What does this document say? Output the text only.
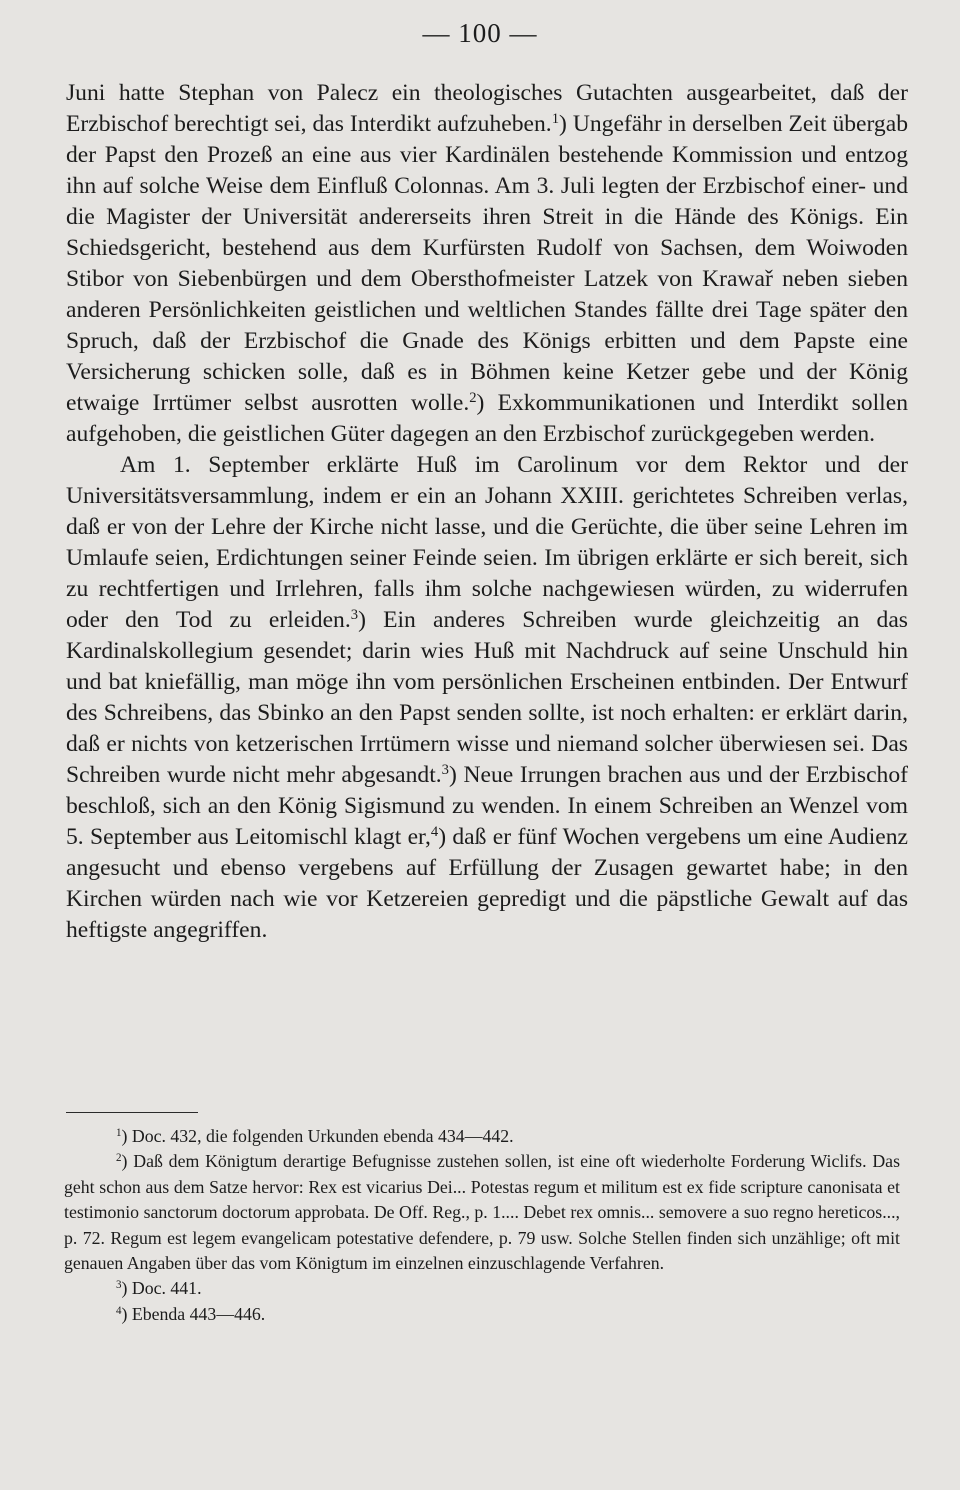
— 100 —

Juni hatte Stephan von Palecz ein theologisches Gutachten ausgearbeitet, daß der Erzbischof berechtigt sei, das Interdikt aufzuheben.$^1$) Ungefähr in derselben Zeit übergab der Papst den Prozeß an eine aus vier Kardinälen bestehende Kommission und entzog ihn auf solche Weise dem Einfluß Colonnas. Am 3. Juli legten der Erzbischof einer- und die Magister der Universität andererseits ihren Streit in die Hände des Königs. Ein Schiedsgericht, bestehend aus dem Kurfürsten Rudolf von Sachsen, dem Woiwoden Stibor von Siebenbürgen und dem Obersthofmeister Latzek von Krawař neben sieben anderen Persönlichkeiten geistlichen und weltlichen Standes fällte drei Tage später den Spruch, daß der Erzbischof die Gnade des Königs erbitten und dem Papste eine Versicherung schicken solle, daß es in Böhmen keine Ketzer gebe und der König etwaige Irrtümer selbst ausrotten wolle.$^2$) Exkommunikationen und Interdikt sollen aufgehoben, die geistlichen Güter dagegen an den Erzbischof zurückgegeben werden.

Am 1. September erklärte Huß im Carolinum vor dem Rektor und der Universitätsversammlung, indem er ein an Johann XXIII. gerichtetes Schreiben verlas, daß er von der Lehre der Kirche nicht lasse, und die Gerüchte, die über seine Lehren im Umlaufe seien, Erdichtungen seiner Feinde seien. Im übrigen erklärte er sich bereit, sich zu rechtfertigen und Irrlehren, falls ihm solche nachgewiesen würden, zu widerrufen oder den Tod zu erleiden.$^3$) Ein anderes Schreiben wurde gleichzeitig an das Kardinalskollegium gesendet; darin wies Huß mit Nachdruck auf seine Unschuld hin und bat kniefällig, man möge ihn vom persönlichen Erscheinen entbinden. Der Entwurf des Schreibens, das Sbinko an den Papst senden sollte, ist noch erhalten: er erklärt darin, daß er nichts von ketzerischen Irrtümern wisse und niemand solcher überwiesen sei. Das Schreiben wurde nicht mehr abgesandt.$^3$) Neue Irrungen brachen aus und der Erzbischof beschloß, sich an den König Sigismund zu wenden. In einem Schreiben an Wenzel vom 5. September aus Leitomischl klagt er,$^4$) daß er fünf Wochen vergebens um eine Audienz angesucht und ebenso vergebens auf Erfüllung der Zusagen gewartet habe; in den Kirchen würden nach wie vor Ketzereien gepredigt und die päpstliche Gewalt auf das heftigste angegriffen.

$^1$) Doc. 432, die folgenden Urkunden ebenda 434—442.

$^2$) Daß dem Königtum derartige Befugnisse zustehen sollen, ist eine oft wiederholte Forderung Wiclifs. Das geht schon aus dem Satze hervor: Rex est vicarius Dei... Potestas regum et militum est ex fide scripture canonisata et testimonio sanctorum doctorum approbata. De Off. Reg., p. 1.... Debet rex omnis... semovere a suo regno hereticos..., p. 72. Regum est legem evangelicam potestative defendere, p. 79 usw. Solche Stellen finden sich unzählige; oft mit genauen Angaben über das vom Königtum im einzelnen einzuschlagende Verfahren.

$^3$) Doc. 441.

$^4$) Ebenda 443—446.
